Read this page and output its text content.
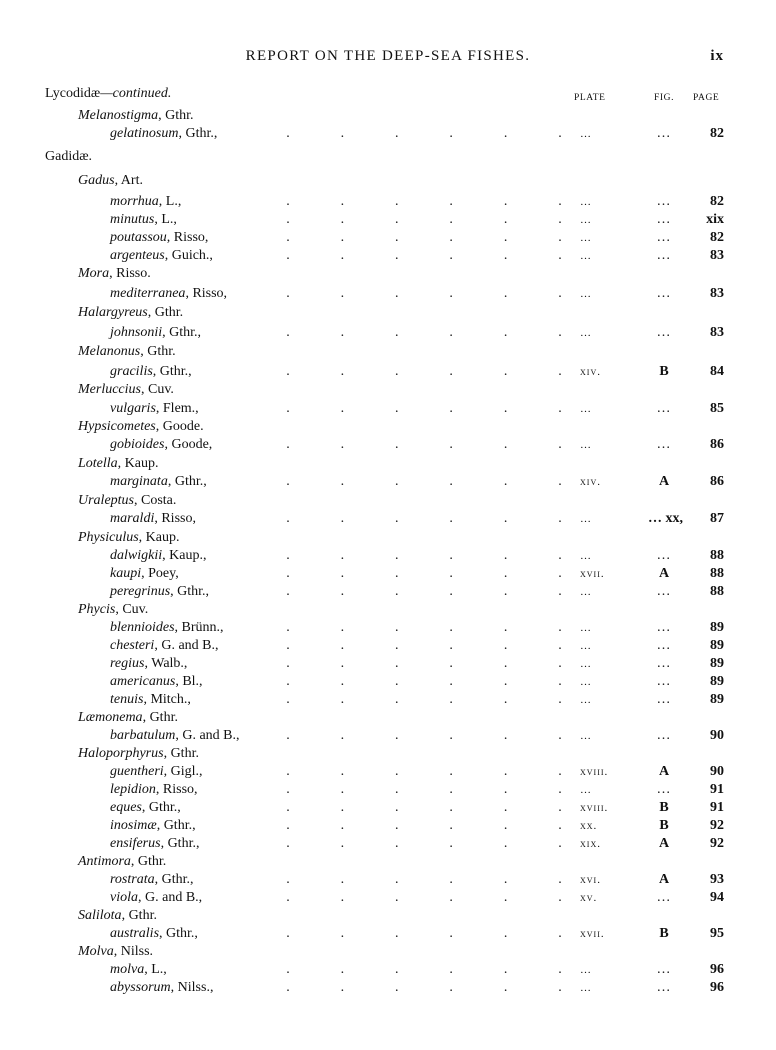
REPORT ON THE DEEP-SEA FISHES.	ix
PLATE	FIG. PAGE
Lycodidæ—continued.
Melanostigma, Gthr.
gelatinosum, Gthr.,	.	.	.	.	.	. …	…	82
Gadidæ.
Gadus, Art.
morrhua, L.,	.	.	.	.	.	. …	…	82
minutus, L.,	.	.	.	.	.	. …	…	xix
poutassou, Risso,	.	.	.	.	.	. …	…	82
argenteus, Guich.,	.	.	.	.	.	. …	…	83
Mora, Risso.
mediterranea, Risso,	.	.	.	.	.	. …	…	83
Halargyreus, Gthr.
johnsonii, Gthr.,	.	.	.	.	.	. …	…	83
Melanonus, Gthr.
gracilis, Gthr.,	.	.	.	.	.	. xiv.	B	84
Merluccius, Cuv.
vulgaris, Flem.,	.	.	.	.	.	. …	…	85
Hypsicometes, Goode.
gobioides, Goode,	.	.	.	.	.	. …	…	86
Lotella, Kaup.
marginata, Gthr.,	.	.	.	.	.	. xiv.	A	86
Uraleptus, Costa.
maraldi, Risso,	.	.	.	.	.	. …	… xx,	87
Physiculus, Kaup.
dalwigkii, Kaup.,	.	.	.	.	.	. …	…	88
kaupi, Poey,	.	.	.	.	.	. xvii.	A	88
peregrinus, Gthr.,	.	.	.	.	.	. …	…	88
Phycis, Cuv.
blennioides, Brünn.,	.	.	.	.	.	. …	…	89
chesteri, G. and B.,	.	.	.	.	.	. …	…	89
regius, Walb.,	.	.	.	.	.	. …	…	89
americanus, Bl.,	.	.	.	.	.	. …	…	89
tenuis, Mitch.,	.	.	.	.	.	. …	…	89
Læmonema, Gthr.
barbatulum, G. and B.,	.	.	.	.	.	. …	…	90
Haloporphyrus, Gthr.
guentheri, Gigl.,	.	.	.	.	.	. xviii.	A	90
lepidion, Risso,	.	.	.	.	.	. …	…	91
eques, Gthr.,	.	.	.	.	.	. xviii.	B	91
inosimæ, Gthr.,	.	.	.	.	.	. xx.	B	92
ensiferus, Gthr.,	.	.	.	.	.	. xix.	A	92
Antimora, Gthr.
rostrata, Gthr.,	.	.	.	.	.	. xvi.	A	93
viola, G. and B.,	.	.	.	.	.	. xv.	…	94
Salilota, Gthr.
australis, Gthr.,	.	.	.	.	.	. xvii.	B	95
Molva, Nilss.
molva, L.,	.	.	.	.	.	. …	…	96
abyssorum, Nilss.,	.	.	.	.	.	. …	…	96
